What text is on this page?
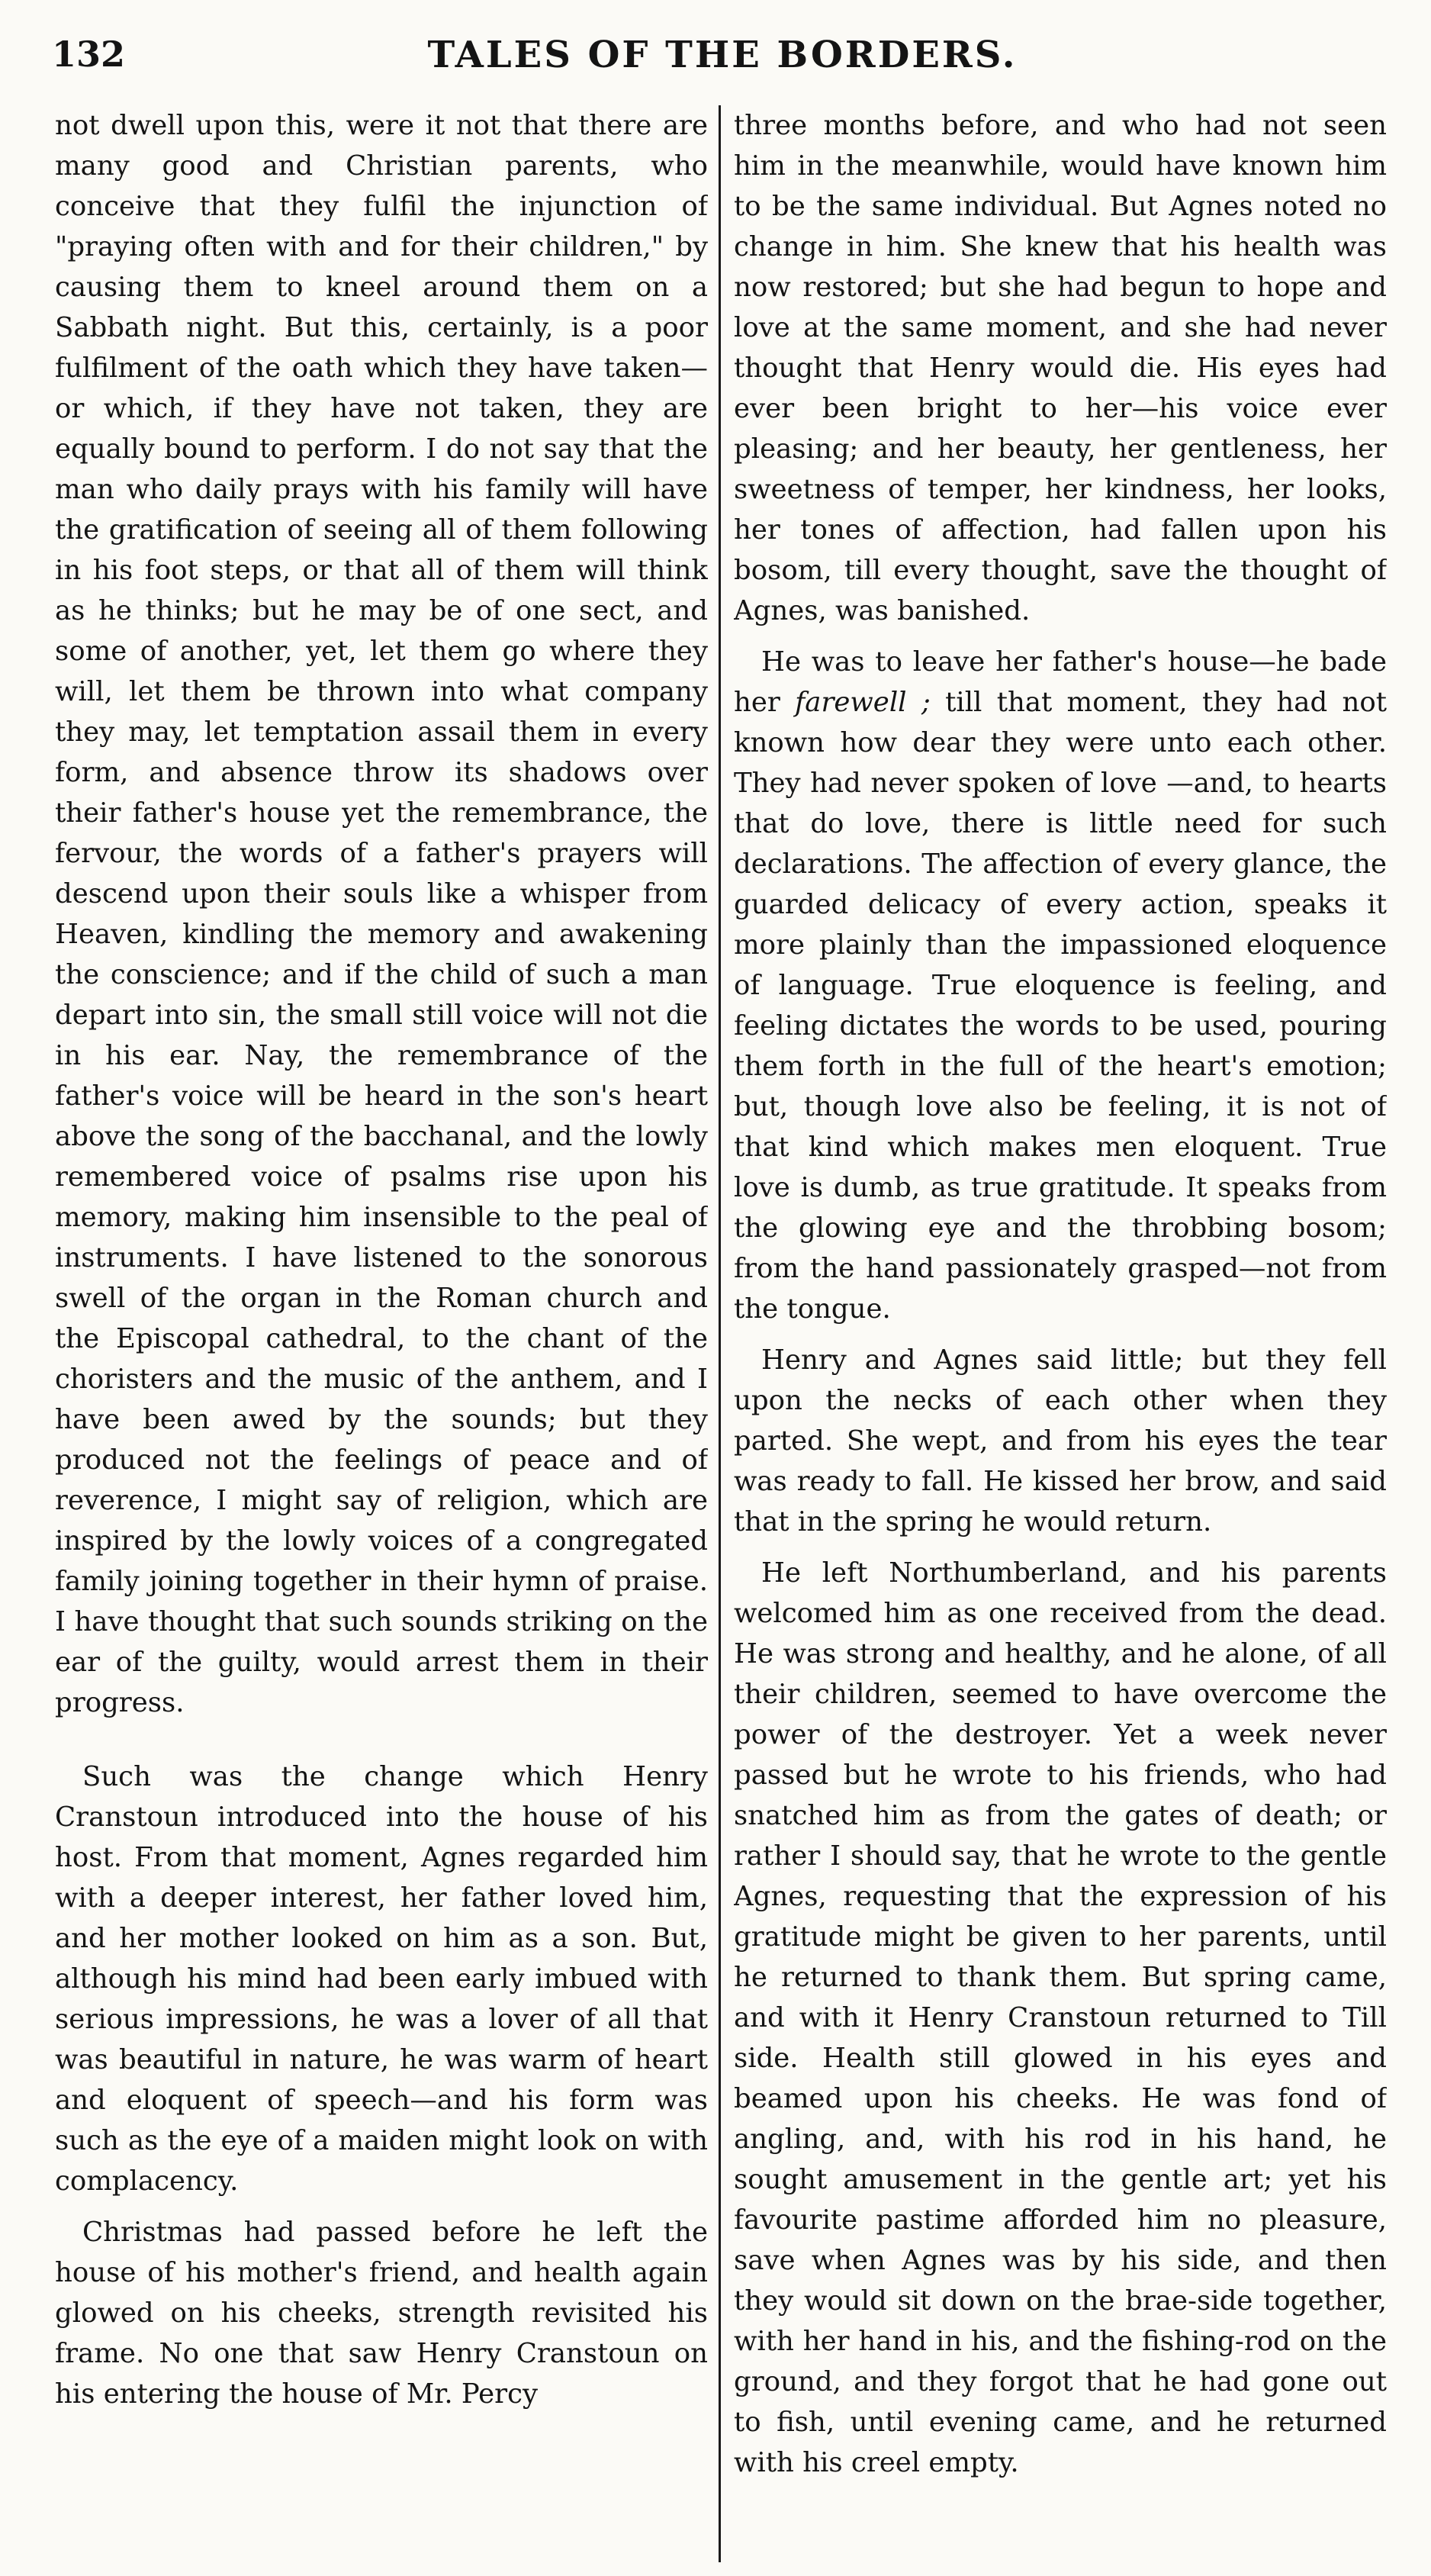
132	TALES OF THE BORDERS.

not dwell upon this, were it not that there are many good and Christian parents, who conceive that they fulfil the injunction of "praying often with and for their children," by causing them to kneel around them on a Sabbath night. But this, certainly, is a poor fulfilment of the oath which they have taken—or which, if they have not taken, they are equally bound to perform. I do not say that the man who daily prays with his family will have the gratification of seeing all of them following in his foot steps, or that all of them will think as he thinks; but he may be of one sect, and some of another, yet, let them go where they will, let them be thrown into what company they may, let temptation assail them in every form, and absence throw its shadows over their father's house yet the remembrance, the fervour, the words of a father's prayers will descend upon their souls like a whisper from Heaven, kindling the memory and awakening the conscience; and if the child of such a man depart into sin, the small still voice will not die in his ear. Nay, the remembrance of the father's voice will be heard in the son's heart above the song of the bacchanal, and the lowly remembered voice of psalms rise upon his memory, making him insensible to the peal of instruments. I have listened to the sonorous swell of the organ in the Roman church and the Episcopal cathedral, to the chant of the choristers and the music of the anthem, and I have been awed by the sounds; but they produced not the feelings of peace and of reverence, I might say of religion, which are inspired by the lowly voices of a congregated family joining together in their hymn of praise. I have thought that such sounds striking on the ear of the guilty, would arrest them in their progress.

Such was the change which Henry Cranstoun introduced into the house of his host. From that moment, Agnes regarded him with a deeper interest, her father loved him, and her mother looked on him as a son. But, although his mind had been early imbued with serious impressions, he was a lover of all that was beautiful in nature, he was warm of heart and eloquent of speech—and his form was such as the eye of a maiden might look on with complacency.

Christmas had passed before he left the house of his mother's friend, and health again glowed on his cheeks, strength revisited his frame. No one that saw Henry Cranstoun on his entering the house of Mr. Percy

three months before, and who had not seen him in the meanwhile, would have known him to be the same individual. But Agnes noted no change in him. She knew that his health was now restored; but she had begun to hope and love at the same moment, and she had never thought that Henry would die. His eyes had ever been bright to her—his voice ever pleasing; and her beauty, her gentleness, her sweetness of temper, her kindness, her looks, her tones of affection, had fallen upon his bosom, till every thought, save the thought of Agnes, was banished.

He was to leave her father's house—he bade her farewell ; till that moment, they had not known how dear they were unto each other. They had never spoken of love —and, to hearts that do love, there is little need for such declarations. The affection of every glance, the guarded delicacy of every action, speaks it more plainly than the impassioned eloquence of language. True eloquence is feeling, and feeling dictates the words to be used, pouring them forth in the full of the heart's emotion; but, though love also be feeling, it is not of that kind which makes men eloquent. True love is dumb, as true gratitude. It speaks from the glowing eye and the throbbing bosom; from the hand passionately grasped—not from the tongue.

Henry and Agnes said little; but they fell upon the necks of each other when they parted. She wept, and from his eyes the tear was ready to fall. He kissed her brow, and said that in the spring he would return.

He left Northumberland, and his parents welcomed him as one received from the dead. He was strong and healthy, and he alone, of all their children, seemed to have overcome the power of the destroyer. Yet a week never passed but he wrote to his friends, who had snatched him as from the gates of death; or rather I should say, that he wrote to the gentle Agnes, requesting that the expression of his gratitude might be given to her parents, until he returned to thank them. But spring came, and with it Henry Cranstoun returned to Till side. Health still glowed in his eyes and beamed upon his cheeks. He was fond of angling, and, with his rod in his hand, he sought amusement in the gentle art; yet his favourite pastime afforded him no pleasure, save when Agnes was by his side, and then they would sit down on the brae-side together, with her hand in his, and the fishing-rod on the ground, and they forgot that he had gone out to fish, until evening came, and he returned with his creel empty.
